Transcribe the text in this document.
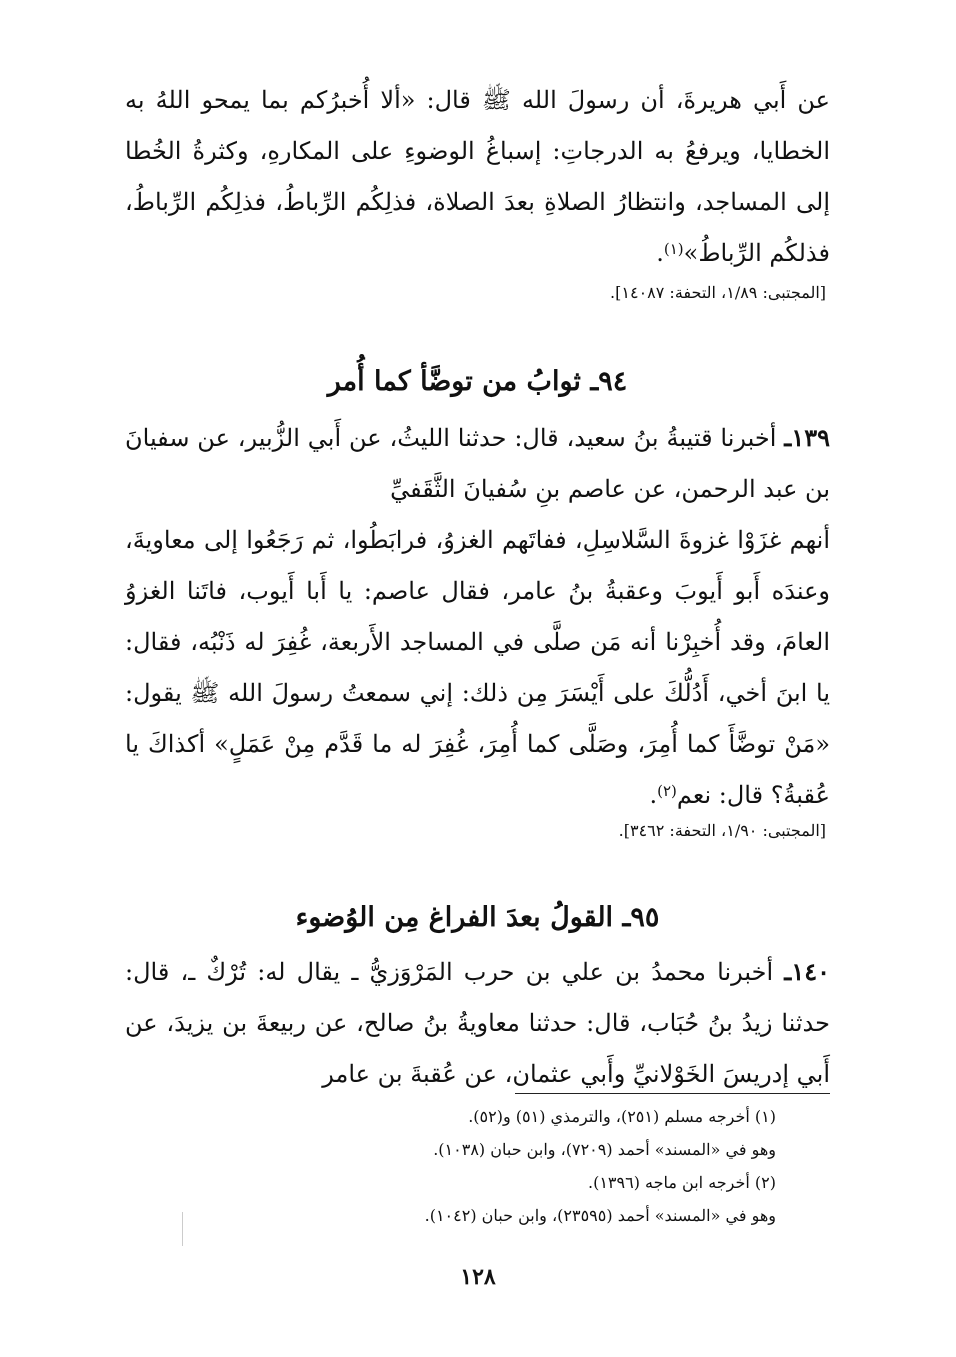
عن أَبي هريرةَ، أن رسولَ الله ﷺ قال: «ألا أُخبرُكم بما يمحو اللهُ به الخطايا، ويرفعُ به الدرجاتِ: إسباغُ الوضوءِ على المكارهِ، وكثرةُ الخُطا إلى المساجد، وانتظارُ الصلاةِ بعدَ الصلاة، فذلِكُم الرِّباطُ، فذلِكُم الرِّباطُ، فذلكُم الرِّباطُ»$^{(١)}$.

[المجتبى: ١/٨٩، التحفة: ١٤٠٨٧].
٩٤ـ ثوابُ من توضَّأ كما أُمر

١٣٩ـ أخبرنا قتيبةُ بنُ سعيد، قال: حدثنا الليثُ، عن أَبي الزُّبير، عن سفيانَ بن عبد الرحمن، عن عاصم بنِ سُفيانَ الثَّقَفيِّ

أنهم غزَوْا غزوةَ السَّلاسِلِ، ففاتَهم الغزوُ، فرابَطُوا، ثم رَجَعُوا إلى معاويةَ، وعندَه أَبو أَيوبَ وعقبةُ بنُ عامر، فقال عاصم: يا أَبا أَيوب، فاتَنا الغزوُ العامَ، وقد أُخبِرْنا أنه مَن صلَّى في المساجد الأَربعة، غُفِرَ له ذَنْبُه، فقال: يا ابنَ أخي، أَدُلُّكَ على أَيْسَرَ مِن ذلك: إني سمعتُ رسولَ الله ﷺ يقول: «مَنْ توضَّأَ كما أُمِرَ، وصَلَّى كما أُمِرَ، غُفِرَ له ما قَدَّم مِنْ عَمَلٍ» أكذاكَ يا عُقبةُ؟ قال: نعم$^{(٢)}$.

[المجتبى: ١/٩٠، التحفة: ٣٤٦٢].
٩٥ـ القولُ بعدَ الفراغ مِن الوُضوء

١٤٠ـ أخبرنا محمدُ بن علي بن حرب المَرْوَزيُّ ـ يقال له: تُرْكٌ ـ، قال: حدثنا زيدُ بنُ حُبَاب، قال: حدثنا معاويةُ بنُ صالح، عن ربيعةَ بن يزيدَ، عن أَبي إدريسَ الخَوْلانيِّ وأَبي عثمان، عن عُقبةَ بن عامر

(١) أخرجه مسلم (٢٥١)، والترمذي (٥١) و(٥٢).
وهو في «المسند» أحمد (٧٢٠٩)، وابن حبان (١٠٣٨).
(٢) أخرجه ابن ماجه (١٣٩٦).
وهو في «المسند» أحمد (٢٣٥٩٥)، وابن حبان (١٠٤٢).
١٢٨
